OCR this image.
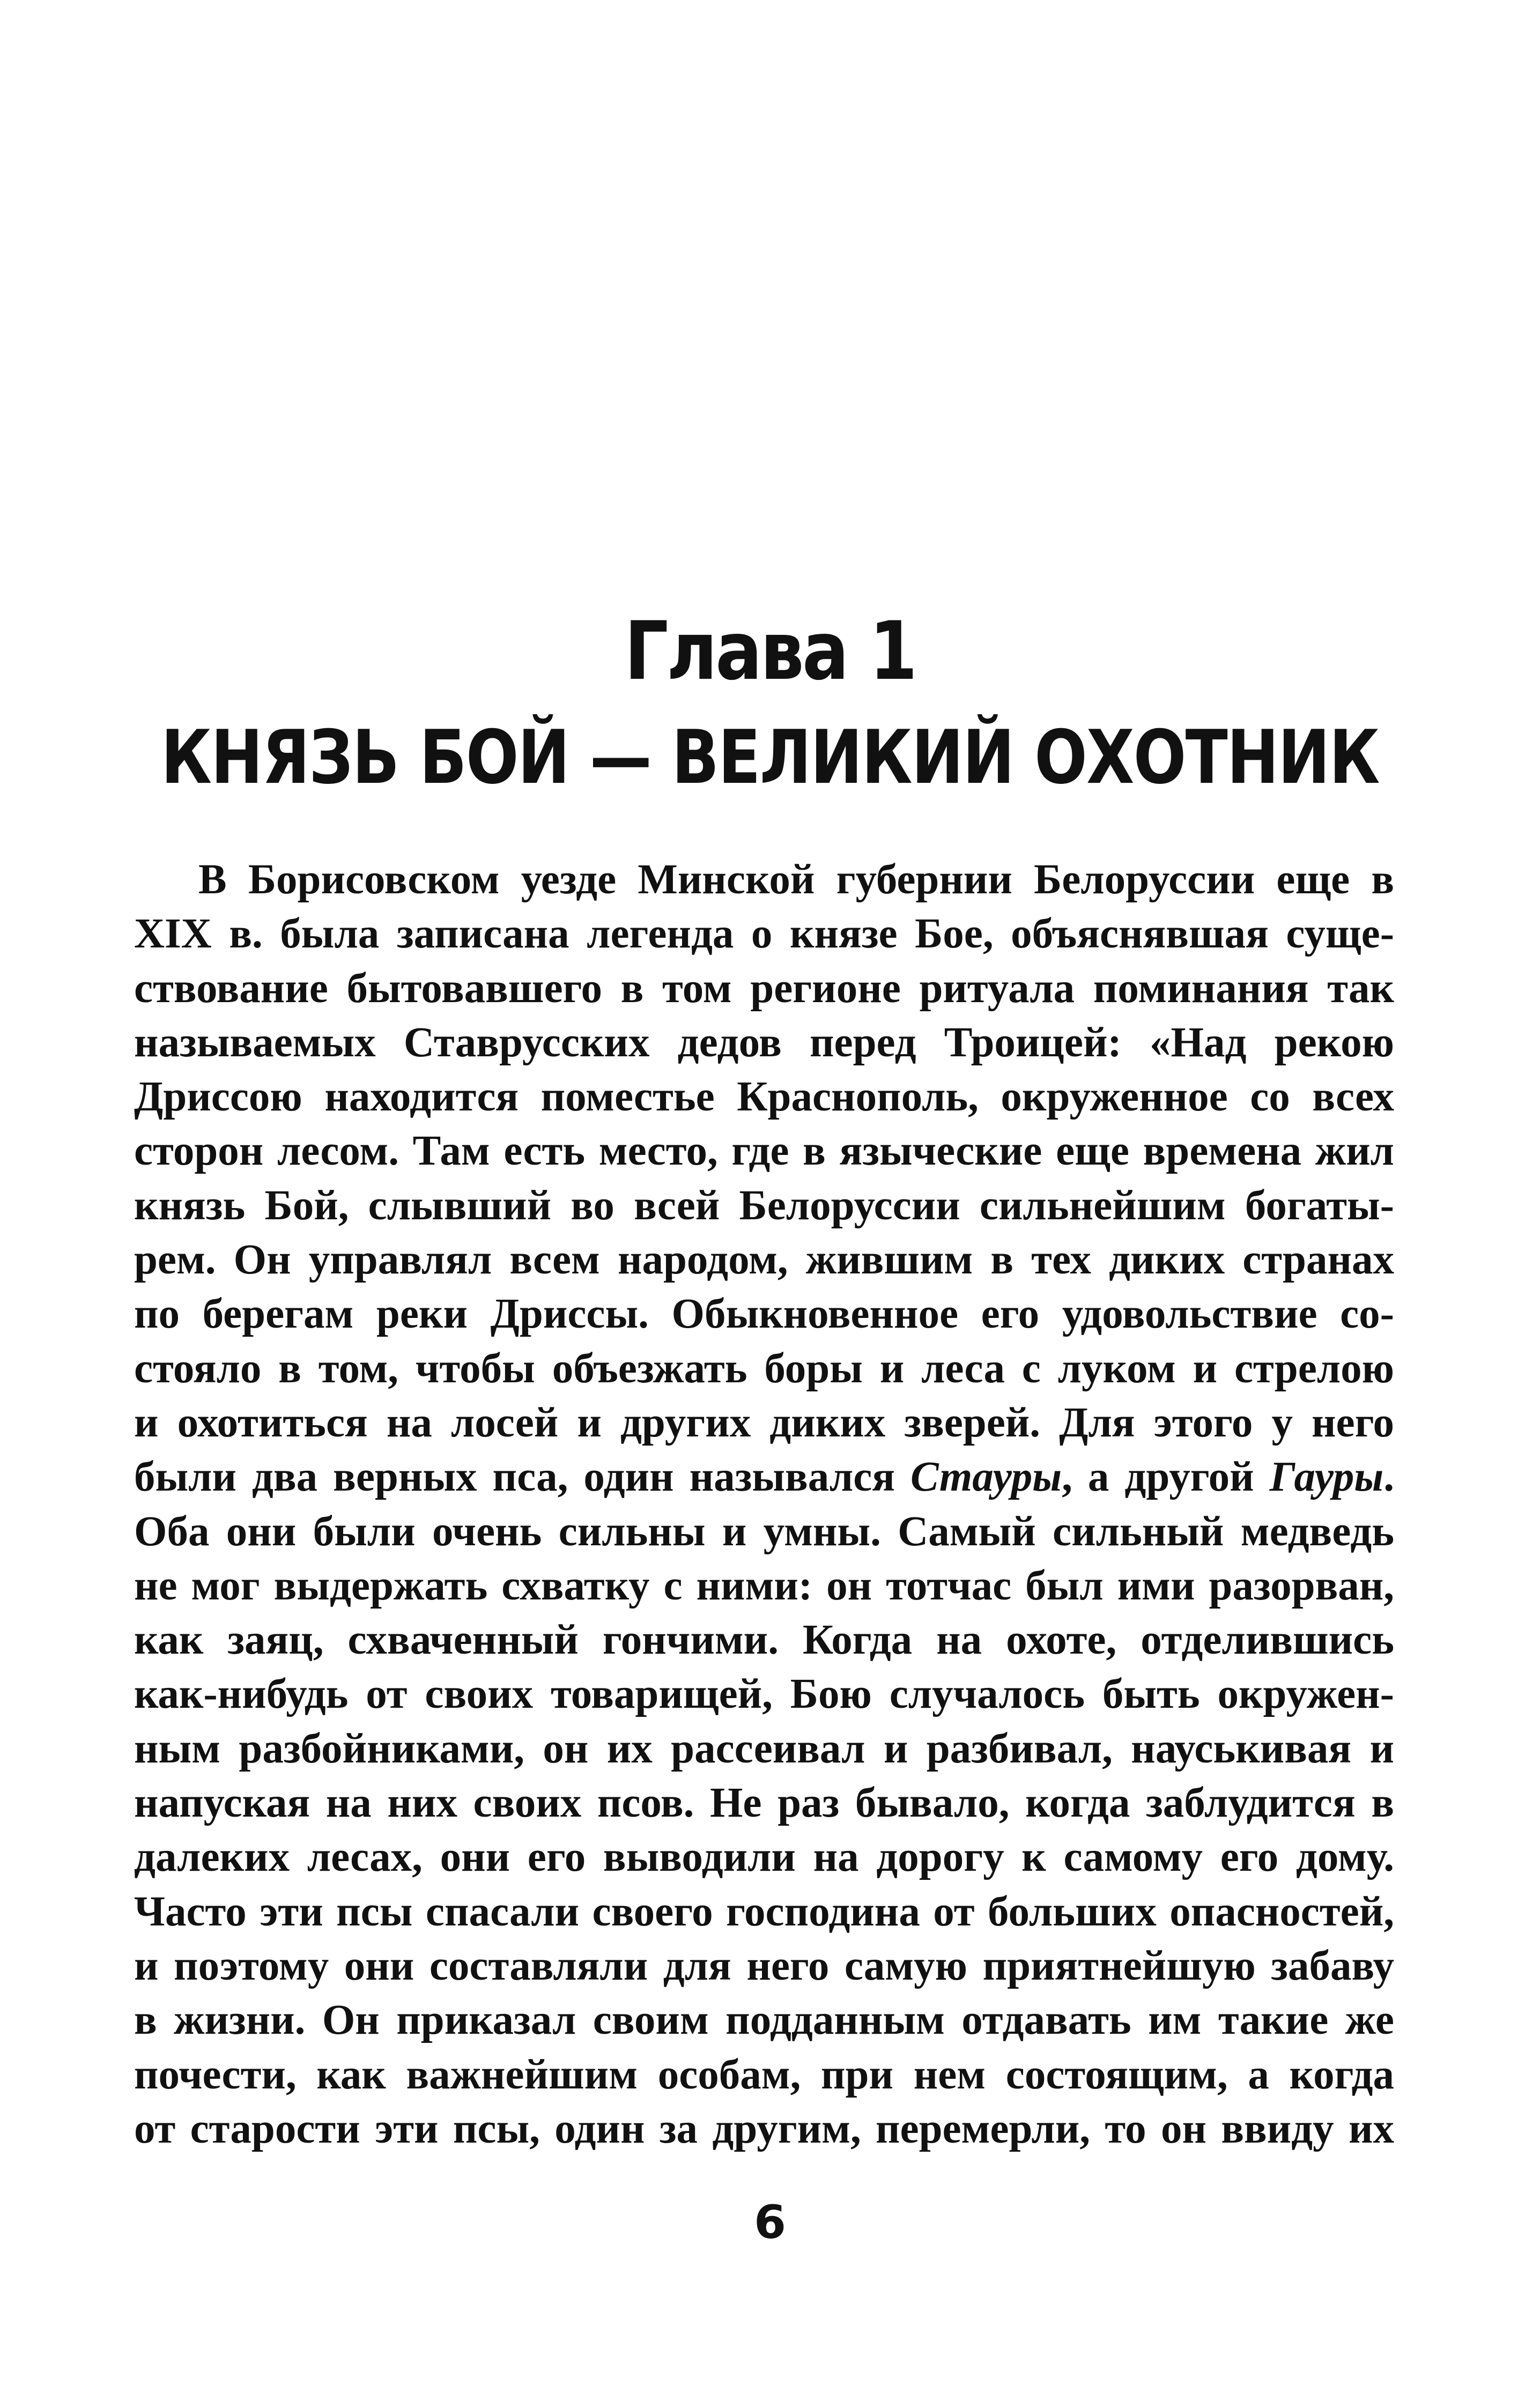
Глава 1
КНЯЗЬ БОЙ — ВЕЛИКИЙ ОХОТНИК
В Борисовском уезде Минской губернии Белоруссии еще в
XIX в. была записана легенда о князе Бое, объяснявшая суще-
ствование бытовавшего в том регионе ритуала поминания так
называемых Ставрусских дедов перед Троицей: «Над рекою
Дриссою находится поместье Краснополь, окруженное со всех
сторон лесом. Там есть место, где в языческие еще времена жил
князь Бой, слывший во всей Белоруссии сильнейшим богаты-
рем. Он управлял всем народом, жившим в тех диких странах
по берегам реки Дриссы. Обыкновенное его удовольствие со-
стояло в том, чтобы объезжать боры и леса с луком и стрелою
и охотиться на лосей и других диких зверей. Для этого у него
были два верных пса, один назывался Стауры, а другой Гауры.
Оба они были очень сильны и умны. Самый сильный медведь
не мог выдержать схватку с ними: он тотчас был ими разорван,
как заяц, схваченный гончими. Когда на охоте, отделившись
как-нибудь от своих товарищей, Бою случалось быть окружен-
ным разбойниками, он их рассеивал и разбивал, науськивая и
напуская на них своих псов. Не раз бывало, когда заблудится в
далеких лесах, они его выводили на дорогу к самому его дому.
Часто эти псы спасали своего господина от больших опасностей,
и поэтому они составляли для него самую приятнейшую забаву
в жизни. Он приказал своим подданным отдавать им такие же
почести, как важнейшим особам, при нем состоящим, а когда
от старости эти псы, один за другим, перемерли, то он ввиду их
6
